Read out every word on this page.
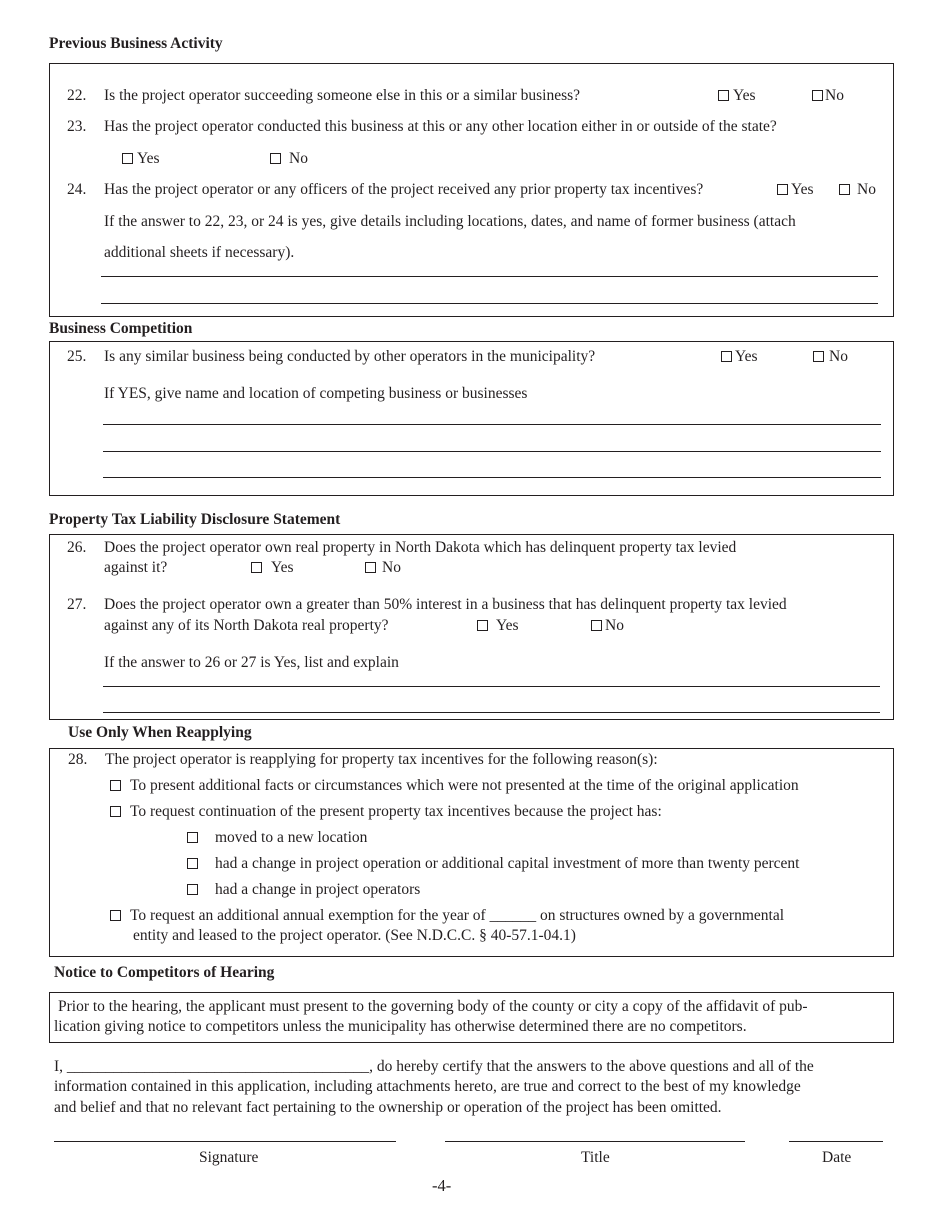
Previous Business Activity
22. Is the project operator succeeding someone else in this or a similar business?	Yes	No
23. Has the project operator conducted this business at this or any other location either in or outside of the state?
Yes	No
24. Has the project operator or any officers of the project received any prior property tax incentives?	Yes	No
If the answer to 22, 23, or 24 is yes, give details including locations, dates, and name of former business (attach
additional sheets if necessary).
Business Competition
25. Is any similar business being conducted by other operators in the municipality?	Yes	No
If YES, give name and location of competing business or businesses
Property Tax Liability Disclosure Statement
26. Does the project operator own real property in North Dakota which has delinquent property tax levied
against it?	Yes	No
27. Does the project operator own a greater than 50% interest in a business that has delinquent property tax levied
against any of its North Dakota real property?	Yes	No
If the answer to 26 or 27 is Yes, list and explain
Use Only When Reapplying
28. The project operator is reapplying for property tax incentives for the following reason(s):
To present additional facts or circumstances which were not presented at the time of the original application
To request continuation of the present property tax incentives because the project has:
moved to a new location
had a change in project operation or additional capital investment of more than twenty percent
had a change in project operators
To request an additional annual exemption for the year of ______ on structures owned by a governmental
entity and leased to the project operator. (See N.D.C.C. § 40-57.1-04.1)
Notice to Competitors of Hearing
Prior to the hearing, the applicant must present to the governing body of the county or city a copy of the affidavit of pub-
lication giving notice to competitors unless the municipality has otherwise determined there are no competitors.
I, _______________________________________, do hereby certify that the answers to the above questions and all of the
information contained in this application, including attachments hereto, are true and correct to the best of my knowledge
and belief and that no relevant fact pertaining to the ownership or operation of the project has been omitted.
Signature	Title	Date
-4-
